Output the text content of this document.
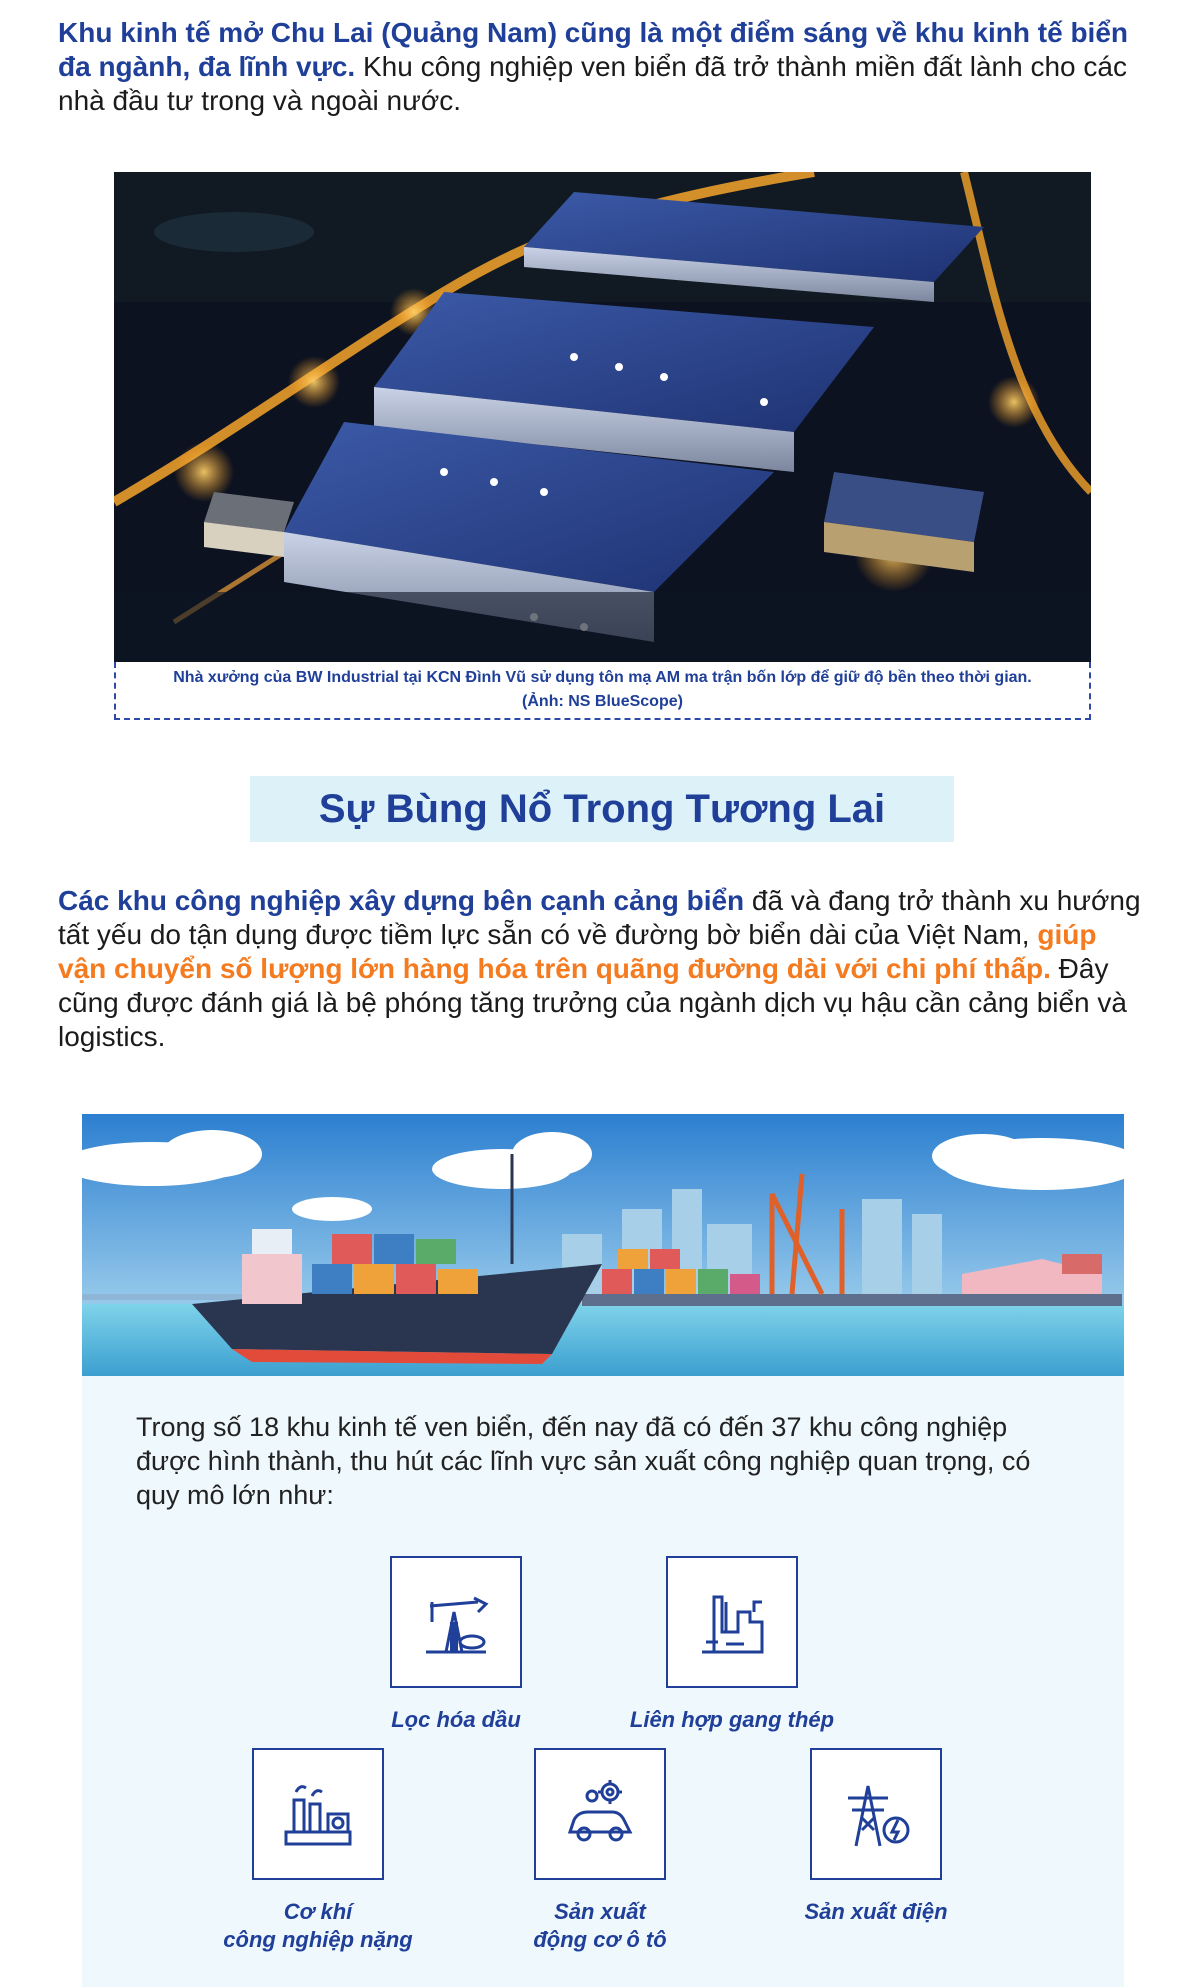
Khu kinh tế mở Chu Lai (Quảng Nam) cũng là một điểm sáng về khu kinh tế biển đa ngành, đa lĩnh vực. Khu công nghiệp ven biển đã trở thành miền đất lành cho các nhà đầu tư trong và ngoài nước.
Nhà xưởng của BW Industrial tại KCN Đình Vũ sử dụng tôn mạ AM ma trận bốn lớp để giữ độ bền theo thời gian. (Ảnh: NS BlueScope)
Sự Bùng Nổ Trong Tương Lai
Các khu công nghiệp xây dựng bên cạnh cảng biển đã và đang trở thành xu hướng tất yếu do tận dụng được tiềm lực sẵn có về đường bờ biển dài của Việt Nam, giúp vận chuyển số lượng lớn hàng hóa trên quãng đường dài với chi phí thấp. Đây cũng được đánh giá là bệ phóng tăng trưởng của ngành dịch vụ hậu cần cảng biển và logistics.
Trong số 18 khu kinh tế ven biển, đến nay đã có đến 37 khu công nghiệp được hình thành, thu hút các lĩnh vực sản xuất công nghiệp quan trọng, có quy mô lớn như:
Lọc hóa dầu	Liên hợp gang thép
Cơ khí
công nghiệp nặng
Sản xuất
động cơ ô tô
Sản xuất điện
